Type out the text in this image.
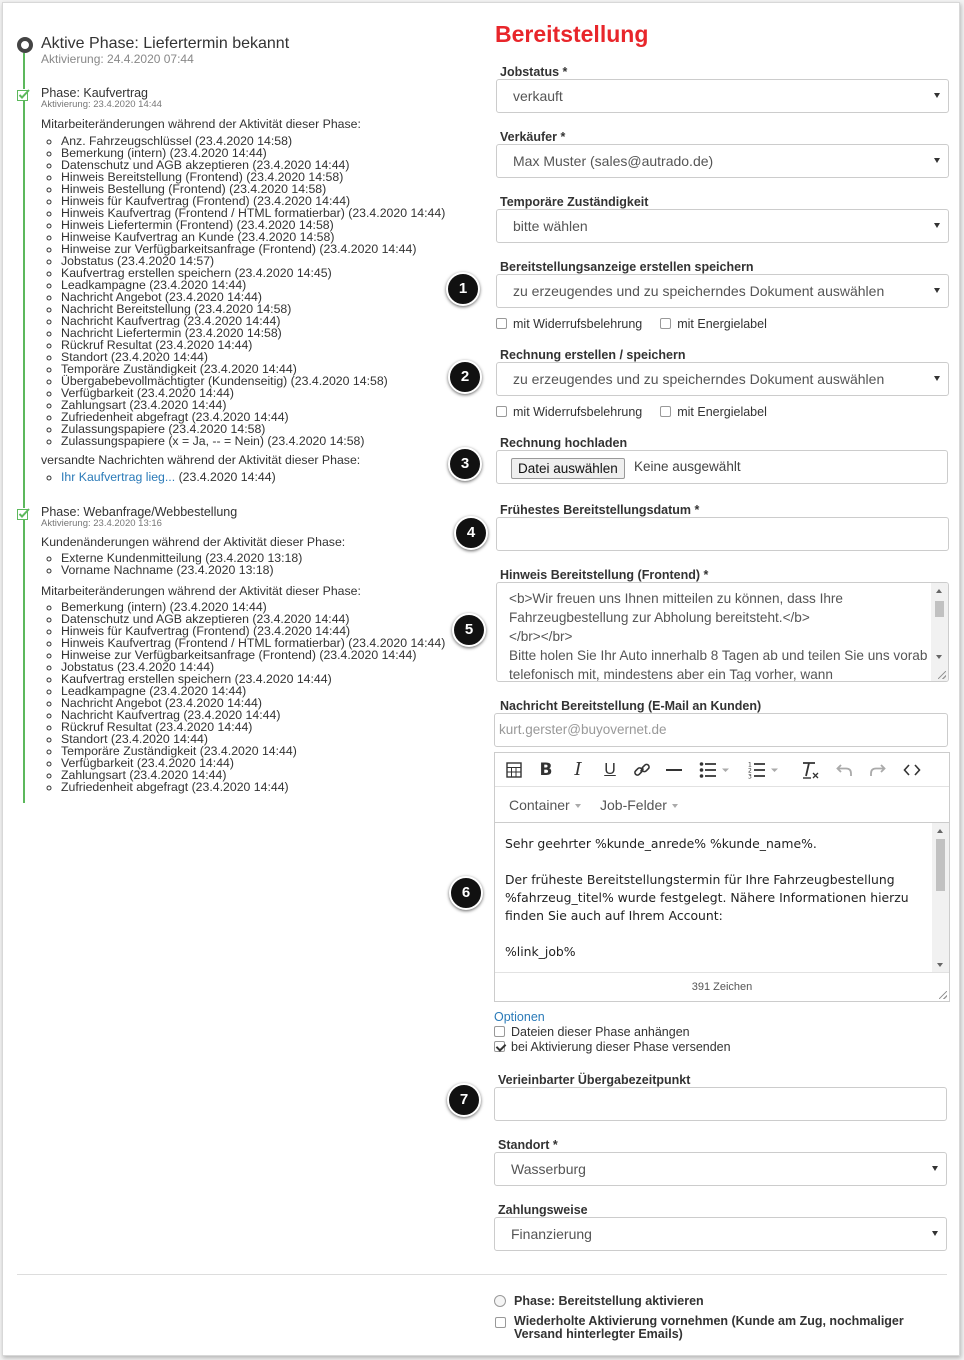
Aktive Phase: Liefertermin bekannt
Aktivierung: 24.4.2020 07:44
Phase: Kaufvertrag
Aktivierung: 23.4.2020 14:44
Mitarbeiteränderungen während der Aktivität dieser Phase:
◦ Anz. Fahrzeugschlüssel (23.4.2020 14:58)
◦ Bemerkung (intern) (23.4.2020 14:44)
◦ Datenschutz und AGB akzeptieren (23.4.2020 14:44)
◦ Hinweis Bereitstellung (Frontend) (23.4.2020 14:58)
◦ Hinweis Bestellung (Frontend) (23.4.2020 14:58)
◦ Hinweis für Kaufvertrag (Frontend) (23.4.2020 14:44)
◦ Hinweis Kaufvertrag (Frontend / HTML formatierbar) (23.4.2020 14:44)
◦ Hinweis Liefertermin (Frontend) (23.4.2020 14:58)
◦ Hinweise Kaufvertrag an Kunde (23.4.2020 14:58)
◦ Hinweise zur Verfügbarkeitsanfrage (Frontend) (23.4.2020 14:44)
◦ Jobstatus (23.4.2020 14:57)
◦ Kaufvertrag erstellen speichern (23.4.2020 14:45)
◦ Leadkampagne (23.4.2020 14:44)
◦ Nachricht Angebot (23.4.2020 14:44)
◦ Nachricht Bereitstellung (23.4.2020 14:58)
◦ Nachricht Kaufvertrag (23.4.2020 14:44)
◦ Nachricht Liefertermin (23.4.2020 14:58)
◦ Rückruf Resultat (23.4.2020 14:44)
◦ Standort (23.4.2020 14:44)
◦ Temporäre Zuständigkeit (23.4.2020 14:44)
◦ Übergabebevollmächtigter (Kundenseitig) (23.4.2020 14:58)
◦ Verfügbarkeit (23.4.2020 14:44)
◦ Zahlungsart (23.4.2020 14:44)
◦ Zufriedenheit abgefragt (23.4.2020 14:44)
◦ Zulassungspapiere (23.4.2020 14:58)
◦ Zulassungspapiere (x = Ja, -- = Nein) (23.4.2020 14:58)
versandte Nachrichten während der Aktivität dieser Phase:
◦ Ihr Kaufvertrag lieg... (23.4.2020 14:44)
Phase: Webanfrage/Webbestellung
Aktivierung: 23.4.2020 13:16
Kundenänderungen während der Aktivität dieser Phase:
◦ Externe Kundenmitteilung (23.4.2020 13:18)
◦ Vorname Nachname (23.4.2020 13:18)
Mitarbeiteränderungen während der Aktivität dieser Phase:
◦ Bemerkung (intern) (23.4.2020 14:44)
◦ Datenschutz und AGB akzeptieren (23.4.2020 14:44)
◦ Hinweis für Kaufvertrag (Frontend) (23.4.2020 14:44)
◦ Hinweis Kaufvertrag (Frontend / HTML formatierbar) (23.4.2020 14:44)
◦ Hinweise zur Verfügbarkeitsanfrage (Frontend) (23.4.2020 14:44)
◦ Jobstatus (23.4.2020 14:44)
◦ Kaufvertrag erstellen speichern (23.4.2020 14:44)
◦ Leadkampagne (23.4.2020 14:44)
◦ Nachricht Angebot (23.4.2020 14:44)
◦ Nachricht Kaufvertrag (23.4.2020 14:44)
◦ Rückruf Resultat (23.4.2020 14:44)
◦ Standort (23.4.2020 14:44)
◦ Temporäre Zuständigkeit (23.4.2020 14:44)
◦ Verfügbarkeit (23.4.2020 14:44)
◦ Zahlungsart (23.4.2020 14:44)
◦ Zufriedenheit abgefragt (23.4.2020 14:44)
Bereitstellung
Jobstatus *
verkauft
Verkäufer *
Max Muster (sales@autrado.de)
Temporäre Zuständigkeit
bitte wählen
Bereitstellungsanzeige erstellen speichern
zu erzeugendes und zu speicherndes Dokument auswählen
mit Widerrufsbelehrung	mit Energielabel
Rechnung erstellen / speichern
zu erzeugendes und zu speicherndes Dokument auswählen
mit Widerrufsbelehrung	mit Energielabel
Rechnung hochladen
Datei auswählen	Keine ausgewählt
Frühestes Bereitstellungsdatum *
Hinweis Bereitstellung (Frontend) *
<b>Wir freuen uns Ihnen mitteilen zu können, dass Ihre Fahrzeugbestellung zur Abholung bereitsteht.</b>
</br></br>
Bitte holen Sie Ihr Auto innerhalb 8 Tagen ab und teilen Sie uns vorab telefonisch mit, mindestens aber ein Tag vorher, wann
Nachricht Bereitstellung (E-Mail an Kunden)
kurt.gerster@buyovernet.de
B	I	U	1
2
3
Container	Job-Felder
Sehr geehrter %kunde_anrede% %kunde_name%.

Der früheste Bereitstellungstermin für Ihre Fahrzeugbestellung %fahrzeug_titel% wurde festgelegt. Nähere Informationen hierzu finden Sie auch auf Ihrem Account:

%link_job%
391 Zeichen
Optionen
Dateien dieser Phase anhängen
bei Aktivierung dieser Phase versenden
Verieinbarter Übergabezeitpunkt
Standort *
Wasserburg
Zahlungsweise
Finanzierung
Phase: Bereitstellung aktivieren
Wiederholte Aktivierung vornehmen (Kunde am Zug, nochmaliger Versand hinterlegter Emails)
1
2
3
4
5
6
7
